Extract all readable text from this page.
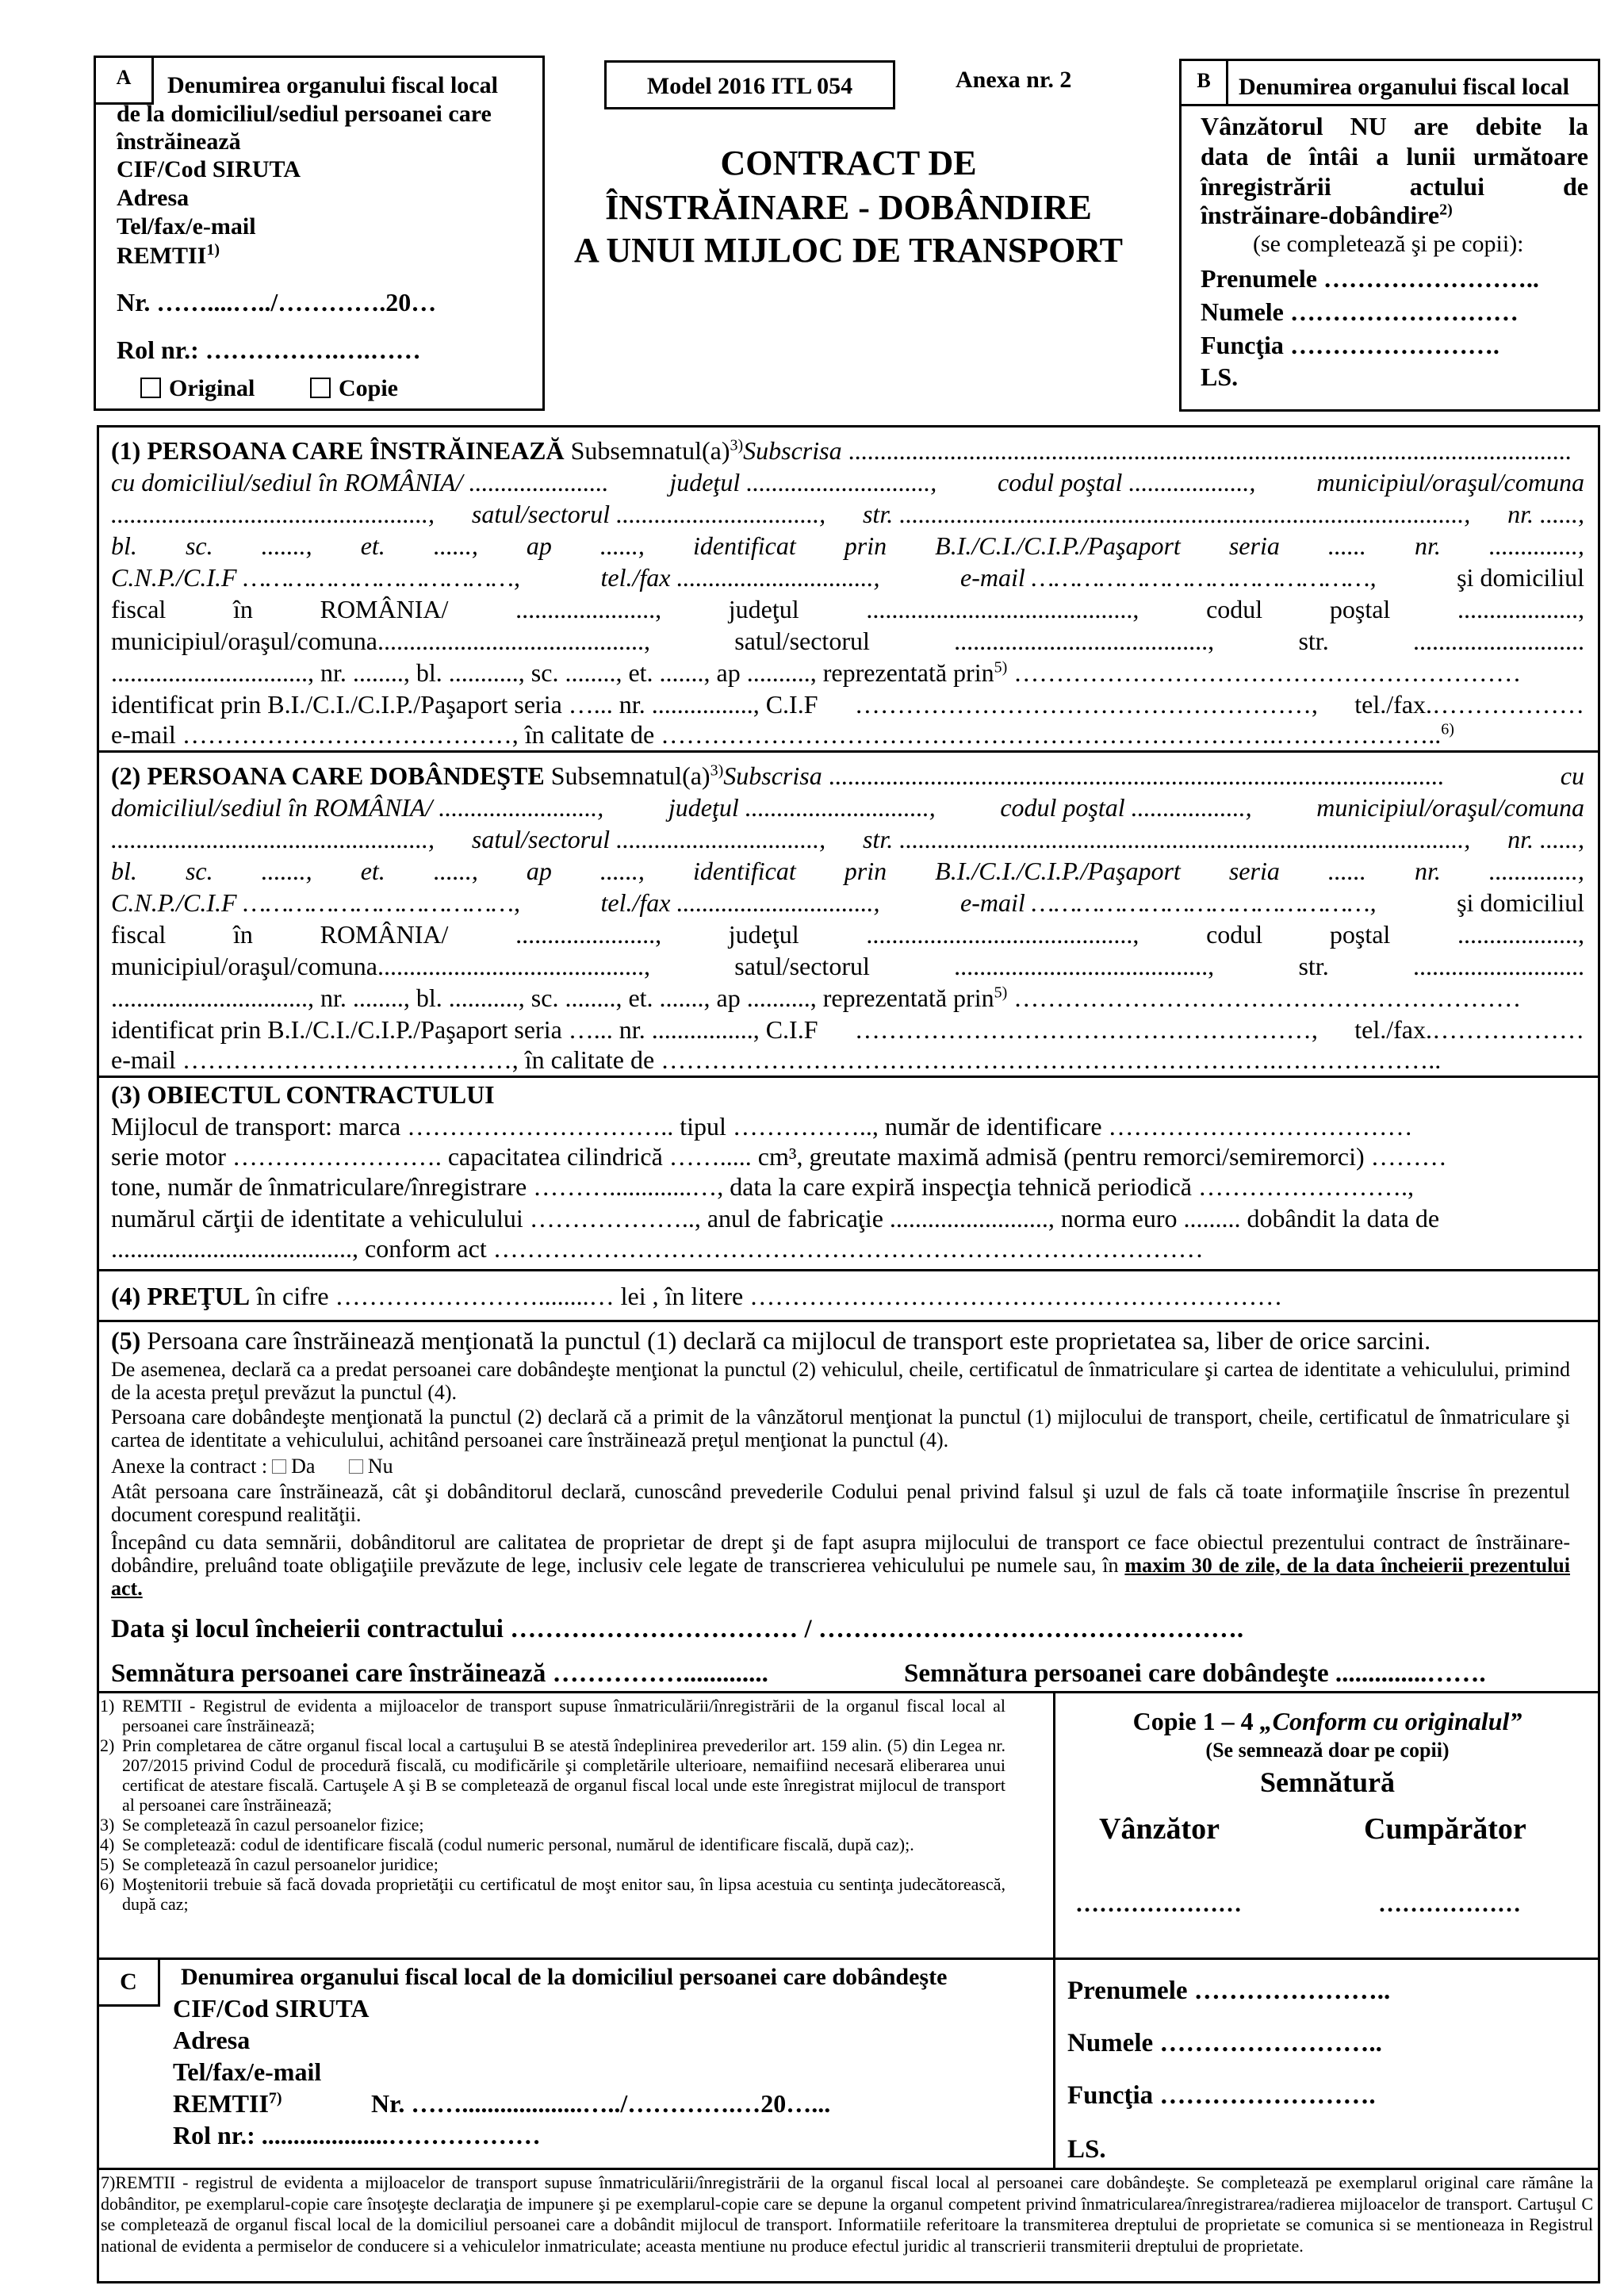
A	Denumirea organului fiscal local
de la domiciliul/sediul persoanei care
înstrăinează
CIF/Cod SIRUTA
Adresa
Tel/fax/e-mail
REMTII$^{1)}$
Nr. ……....…../………….20…
Rol nr.: …………….….……
Original	Copie
Model 2016 ITL 054	Anexa nr. 2
CONTRACT DE
ÎNSTRĂINARE - DOBÂNDIRE
A UNUI MIJLOC DE TRANSPORT
B	Denumirea organului fiscal local
Vânzătorul NU are debite la
data de întâi a lunii următoare
înregistrării	actului	de
înstrăinare-dobândire$^{2)}$
(se completează şi pe copii):
Prenumele ……………………..
Numele ………………………
Funcţia …………………….
LS.
(1) PERSOANA CARE ÎNSTRĂINEAZĂ $Subsemnatul(a)^{3)}Subscrisa$ ..................................................................................................................
cu domiciliul/sediul în ROMÂNIA/ ...................... judeţul ............................., codul poştal ..................., municipiul/oraşul/comuna
.................................................., satul/sectorul ................................, str. ........................................................................................., nr. ......,
bl. sc. ......., et. ......, ap ......, identificat prin B.I./C.I./C.I.P./Paşaport seria ...... nr. ..............,
C.N.P./C.I.F ………………………………,	tel./fax ...............................,	e-mail ………………………………………,	şi domiciliul
fiscal	în	ROMÂNIA/	......................,	judeţul	..........................................,	codul	poştal	...................,
municipiul/oraşul/comuna..........................................,	satul/sectorul	........................................,	str.	...........................
..............................., nr. ........, bl. ..........., sc. ........, et. ......., ap .........., reprezentată prin$^{5)}$ ……………………………………………………
identificat prin B.I./C.I./C.I.P./Paşaport seria …... nr. ................, C.I.F ………………………………………………, tel./fax.………………
e-mail …………………………………, în calitate de ……………………………………………………………….………………..$^{6)}$
(2) PERSOANA CARE DOBÂNDEŞTE $Subsemnatul(a)^{3)}Subscrisa$ .................................................................................................	cu
domiciliul/sediul în ROMÂNIA/ .........................,	judeţul .............................,	codul poştal ..................,	municipiul/oraşul/comuna
.................................................., satul/sectorul ................................, str. ........................................................................................., nr. ......,
bl. sc. ......., et. ......, ap ......, identificat prin B.I./C.I./C.I.P./Paşaport seria ...... nr. ..............,
C.N.P./C.I.F ………………………………,	tel./fax ...............................,	e-mail ………………………………………,	şi domiciliul
fiscal	în	ROMÂNIA/	......................,	judeţul	..........................................,	codul	poştal	...................,
municipiul/oraşul/comuna..........................................,	satul/sectorul	........................................,	str.	...........................
..............................., nr. ........, bl. ..........., sc. ........, et. ......., ap .........., reprezentată prin$^{5)}$ ……………………………………………………
identificat prin B.I./C.I./C.I.P./Paşaport seria …... nr. ................, C.I.F ………………………………………………, tel./fax.………………
e-mail …………………………………, în calitate de ……………………………………………………………….………………..
(3) OBIECTUL CONTRACTULUI
Mijlocul de transport: marca ………………………….. tipul …………….., număr de identificare ………………………………
serie motor ……………………. capacitatea cilindrică ……..... cm³, greutate maximă admisă (pentru remorci/semiremorci) ………
tone, număr de înmatriculare/înregistrare ……….............…, data la care expiră inspecţia tehnică periodică …………………….,
numărul cărţii de identitate a vehiculului ……………….., anul de fabricaţie ........................., norma euro ......... dobândit la data de
......................................, conform act …………………………………………………………………………
(4) PREŢUL în cifre ……………………........… lei , în litere ………………………………………………………
(5) Persoana care înstrăinează menţionată la punctul (1) declară ca mijlocul de transport este proprietatea sa, liber de orice sarcini.
De asemenea, declară ca a predat persoanei care dobândeşte menţionat la punctul (2) vehiculul, cheile, certificatul de înmatriculare şi cartea de identitate a vehiculului, primind de la acesta preţul prevăzut la punctul (4).
Persoana care dobândeşte menţionată la punctul (2) declară că a primit de la vânzătorul menţionat la punctul (1) mijlocului de transport, cheile, certificatul de înmatriculare şi cartea de identitate a vehiculului, achitând persoanei care înstrăinează preţul menţionat la punctul (4).
Anexe la contract : Da	Nu
Atât persoana care înstrăinează, cât şi dobânditorul declară, cunoscând prevederile Codului penal privind falsul şi uzul de fals că toate informaţiile înscrise în prezentul document corespund realităţii.
Începând cu data semnării, dobânditorul are calitatea de proprietar de drept şi de fapt asupra mijlocului de transport ce face obiectul prezentului contract de înstrăinare-dobândire, preluând toate obligaţiile prevăzute de lege, inclusiv cele legate de transcrierea vehiculului pe numele sau, în maxim 30 de zile, de la data încheierii prezentului act.
Data şi locul încheierii contractului …………………………… / ………………………………………….
Semnătura persoanei care înstrăinează …………….............	Semnătura persoanei care dobândeşte ..............…….
1) REMTII - Registrul de evidenta a mijloacelor de transport supuse înmatriculării/înregistrării de la organul fiscal local al persoanei care înstrăinează;
2) Prin completarea de către organul fiscal local a cartuşului B se atestă îndeplinirea prevederilor art. 159 alin. (5) din Legea nr. 207/2015 privind Codul de procedură fiscală, cu modificările şi completările ulterioare, nemaifiind necesară eliberarea unui certificat de atestare fiscală. Cartuşele A şi B se completează de organul fiscal local unde este înregistrat mijlocul de transport al persoanei care înstrăinează;
3) Se completează în cazul persoanelor fizice;
4) Se completează: codul de identificare fiscală (codul numeric personal, numărul de identificare fiscală, după caz);.
5) Se completează în cazul persoanelor juridice;
6) Moştenitorii trebuie să facă dovada proprietăţii cu certificatul de moşt enitor sau, în lipsa acestuia cu sentinţa judecătorească, după caz;
Copie 1 – 4 „Conform cu originalul”
(Se semnează doar pe copii)
Semnătură
Vânzător	Cumpărător
…………………	………………
C	Denumirea organului fiscal local de la domiciliul persoanei care dobândeşte
CIF/Cod SIRUTA
Adresa
Tel/fax/e-mail
REMTII$^{7)}$	Nr. ……...................…../………….…20…...
Rol nr.: ....................………………
Prenumele …………………..
Numele ……………………..
Funcţia …………………….
LS.
7)REMTII - registrul de evidenta a mijloacelor de transport supuse înmatriculării/înregistrării de la organul fiscal local al persoanei care dobândeşte. Se completează pe exemplarul original care rămâne la dobânditor, pe exemplarul-copie care însoţeşte declaraţia de impunere şi pe exemplarul-copie care se depune la organul competent privind înmatricularea/înregistrarea/radierea mijloacelor de transport. Cartuşul C se completează de organul fiscal local de la domiciliul persoanei care a dobândit mijlocul de transport. Informatiile referitoare la transmiterea dreptului de proprietate se comunica si se mentioneaza in Registrul national de evidenta a permiselor de conducere si a vehiculelor inmatriculate; aceasta mentiune nu produce efectul juridic al transcrierii transmiterii dreptului de proprietate.
